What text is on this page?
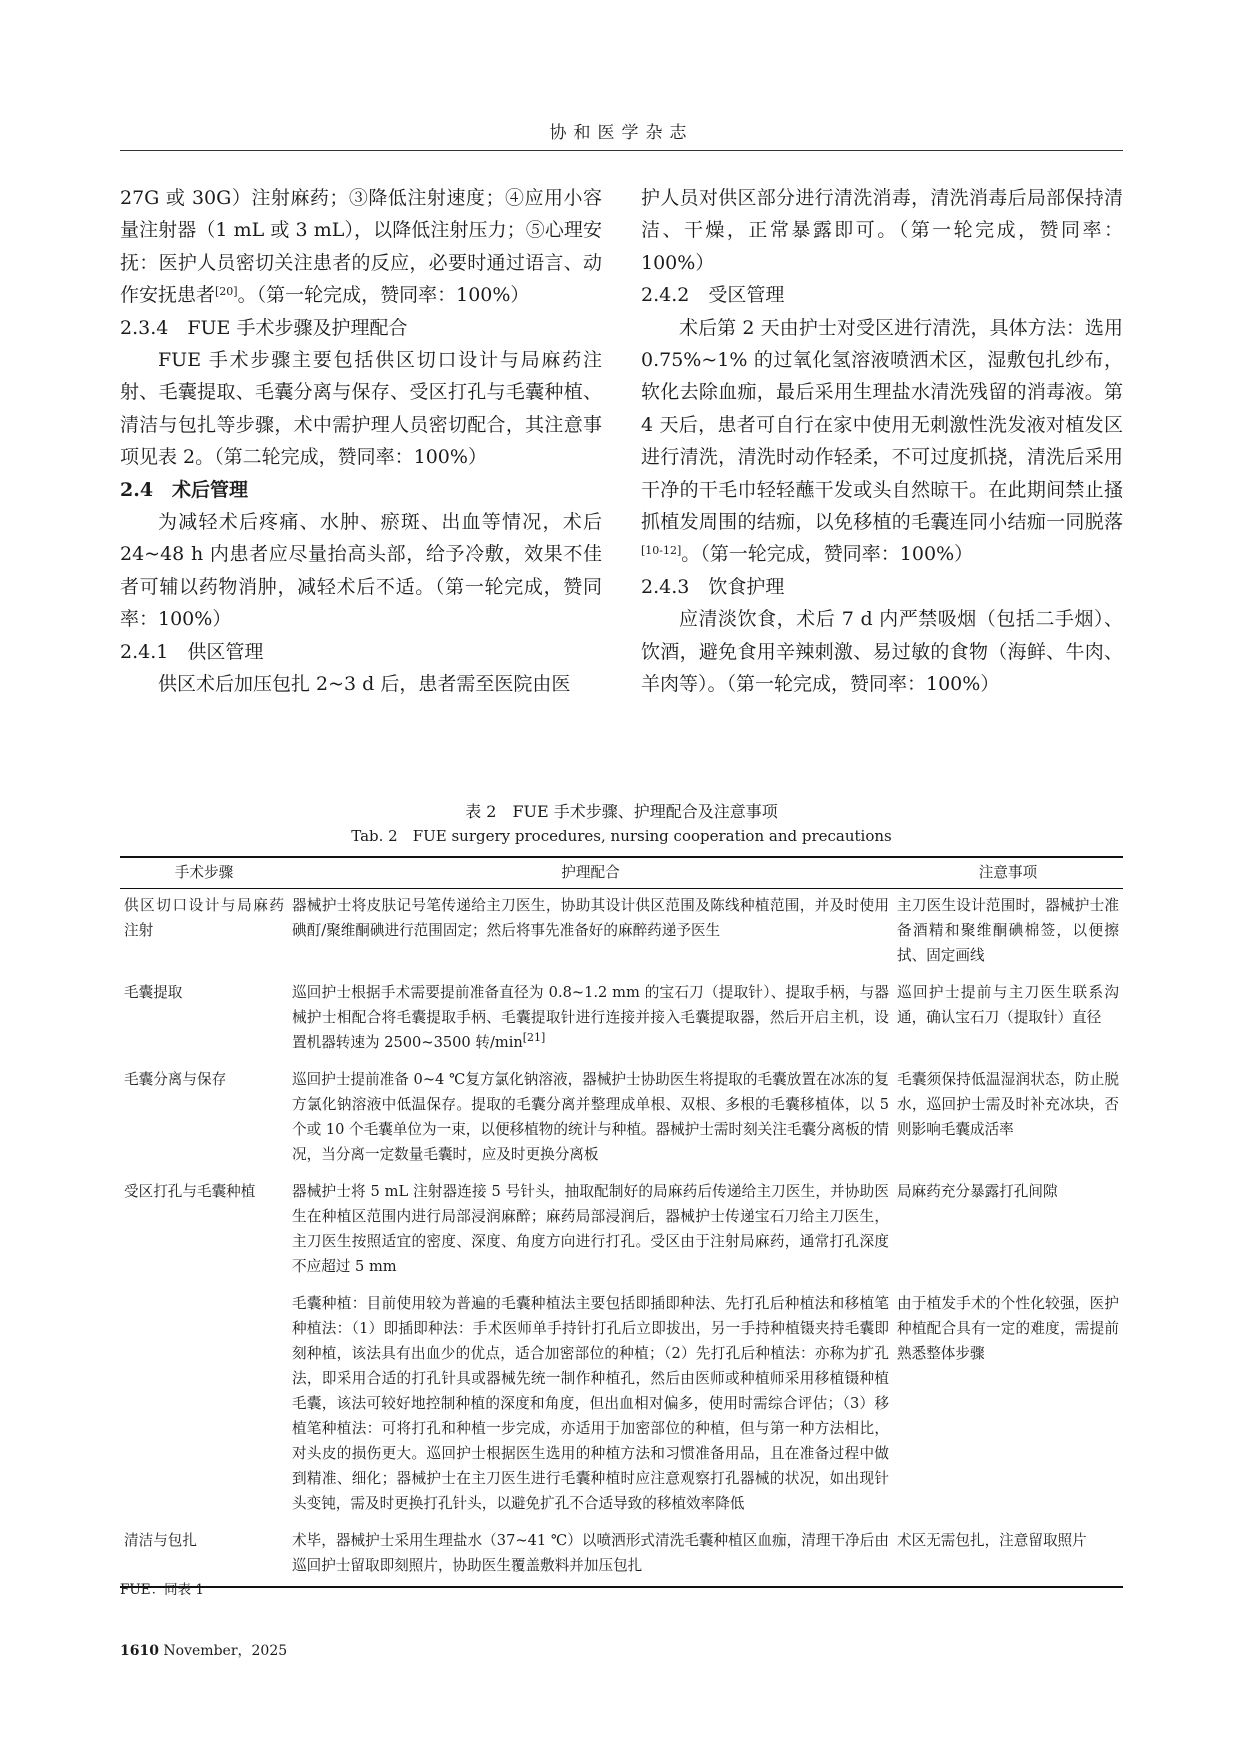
协和医学杂志

27G 或 30G）注射麻药；③降低注射速度；④应用小容量注射器（1 mL 或 3 mL），以降低注射压力；⑤心理安抚：医护人员密切关注患者的反应，必要时通过语言、动作安抚患者[20]。（第一轮完成，赞同率：100%）

2.3.4　FUE 手术步骤及护理配合

FUE 手术步骤主要包括供区切口设计与局麻药注射、毛囊提取、毛囊分离与保存、受区打孔与毛囊种植、清洁与包扎等步骤，术中需护理人员密切配合，其注意事项见表 2。（第二轮完成，赞同率：100%）

2.4　术后管理

为减轻术后疼痛、水肿、瘀斑、出血等情况，术后 24~48 h 内患者应尽量抬高头部，给予冷敷，效果不佳者可辅以药物消肿，减轻术后不适。（第一轮完成，赞同率：100%）

2.4.1　供区管理

供区术后加压包扎 2~3 d 后，患者需至医院由医

护人员对供区部分进行清洗消毒，清洗消毒后局部保持清洁、干燥，正常暴露即可。（第一轮完成，赞同率：100%）

2.4.2　受区管理

术后第 2 天由护士对受区进行清洗，具体方法：选用 0.75%~1% 的过氧化氢溶液喷洒术区，湿敷包扎纱布，软化去除血痂，最后采用生理盐水清洗残留的消毒液。第 4 天后，患者可自行在家中使用无刺激性洗发液对植发区进行清洗，清洗时动作轻柔，不可过度抓挠，清洗后采用干净的干毛巾轻轻蘸干发或头自然晾干。在此期间禁止搔抓植发周围的结痂，以免移植的毛囊连同小结痂一同脱落[10-12]。（第一轮完成，赞同率：100%）

2.4.3　饮食护理

应清淡饮食，术后 7 d 内严禁吸烟（包括二手烟）、饮酒，避免食用辛辣刺激、易过敏的食物（海鲜、牛肉、羊肉等）。（第一轮完成，赞同率：100%）

表 2　FUE 手术步骤、护理配合及注意事项
Tab. 2　FUE surgery procedures, nursing cooperation and precautions
手术步骤	护理配合	注意事项
供区切口设计与局麻药注射	器械护士将皮肤记号笔传递给主刀医生，协助其设计供区范围及陈线种植范围，并及时使用碘酊/聚维酮碘进行范围固定；然后将事先准备好的麻醉药递予医生	主刀医生设计范围时，器械护士准备酒精和聚维酮碘棉签，以便擦拭、固定画线
毛囊提取	巡回护士根据手术需要提前准备直径为 0.8~1.2 mm 的宝石刀（提取针）、提取手柄，与器械护士相配合将毛囊提取手柄、毛囊提取针进行连接并接入毛囊提取器，然后开启主机，设置机器转速为 2500~3500 转/min[21]	巡回护士提前与主刀医生联系沟通，确认宝石刀（提取针）直径
毛囊分离与保存	巡回护士提前准备 0~4 ℃复方氯化钠溶液，器械护士协助医生将提取的毛囊放置在冰冻的复方氯化钠溶液中低温保存。提取的毛囊分离并整理成单根、双根、多根的毛囊移植体，以 5 个或 10 个毛囊单位为一束，以便移植物的统计与种植。器械护士需时刻关注毛囊分离板的情况，当分离一定数量毛囊时，应及时更换分离板	毛囊须保持低温湿润状态，防止脱水，巡回护士需及时补充冰块，否则影响毛囊成活率
受区打孔与毛囊种植	器械护士将 5 mL 注射器连接 5 号针头，抽取配制好的局麻药后传递给主刀医生，并协助医生在种植区范围内进行局部浸润麻醉；麻药局部浸润后，器械护士传递宝石刀给主刀医生，主刀医生按照适宜的密度、深度、角度方向进行打孔。受区由于注射局麻药，通常打孔深度不应超过 5 mm	局麻药充分暴露打孔间隙
	毛囊种植：目前使用较为普遍的毛囊种植法主要包括即插即种法、先打孔后种植法和移植笔种植法：（1）即插即种法：手术医师单手持针打孔后立即拔出，另一手持种植镊夹持毛囊即刻种植，该法具有出血少的优点，适合加密部位的种植；（2）先打孔后种植法：亦称为扩孔法，即采用合适的打孔针具或器械先统一制作种植孔，然后由医师或种植师采用移植镊种植毛囊，该法可较好地控制种植的深度和角度，但出血相对偏多，使用时需综合评估；（3）移植笔种植法：可将打孔和种植一步完成，亦适用于加密部位的种植，但与第一种方法相比，对头皮的损伤更大。巡回护士根据医生选用的种植方法和习惯准备用品，且在准备过程中做到精准、细化；器械护士在主刀医生进行毛囊种植时应注意观察打孔器械的状况，如出现针头变钝，需及时更换打孔针头，以避免扩孔不合适导致的移植效率降低	由于植发手术的个性化较强，医护种植配合具有一定的难度，需提前熟悉整体步骤
清洁与包扎	术毕，器械护士采用生理盐水（37~41 ℃）以喷洒形式清洗毛囊种植区血痂，清理干净后由巡回护士留取即刻照片，协助医生覆盖敷料并加压包扎	术区无需包扎，注意留取照片
FUE：同表 1
1610 November，2025
